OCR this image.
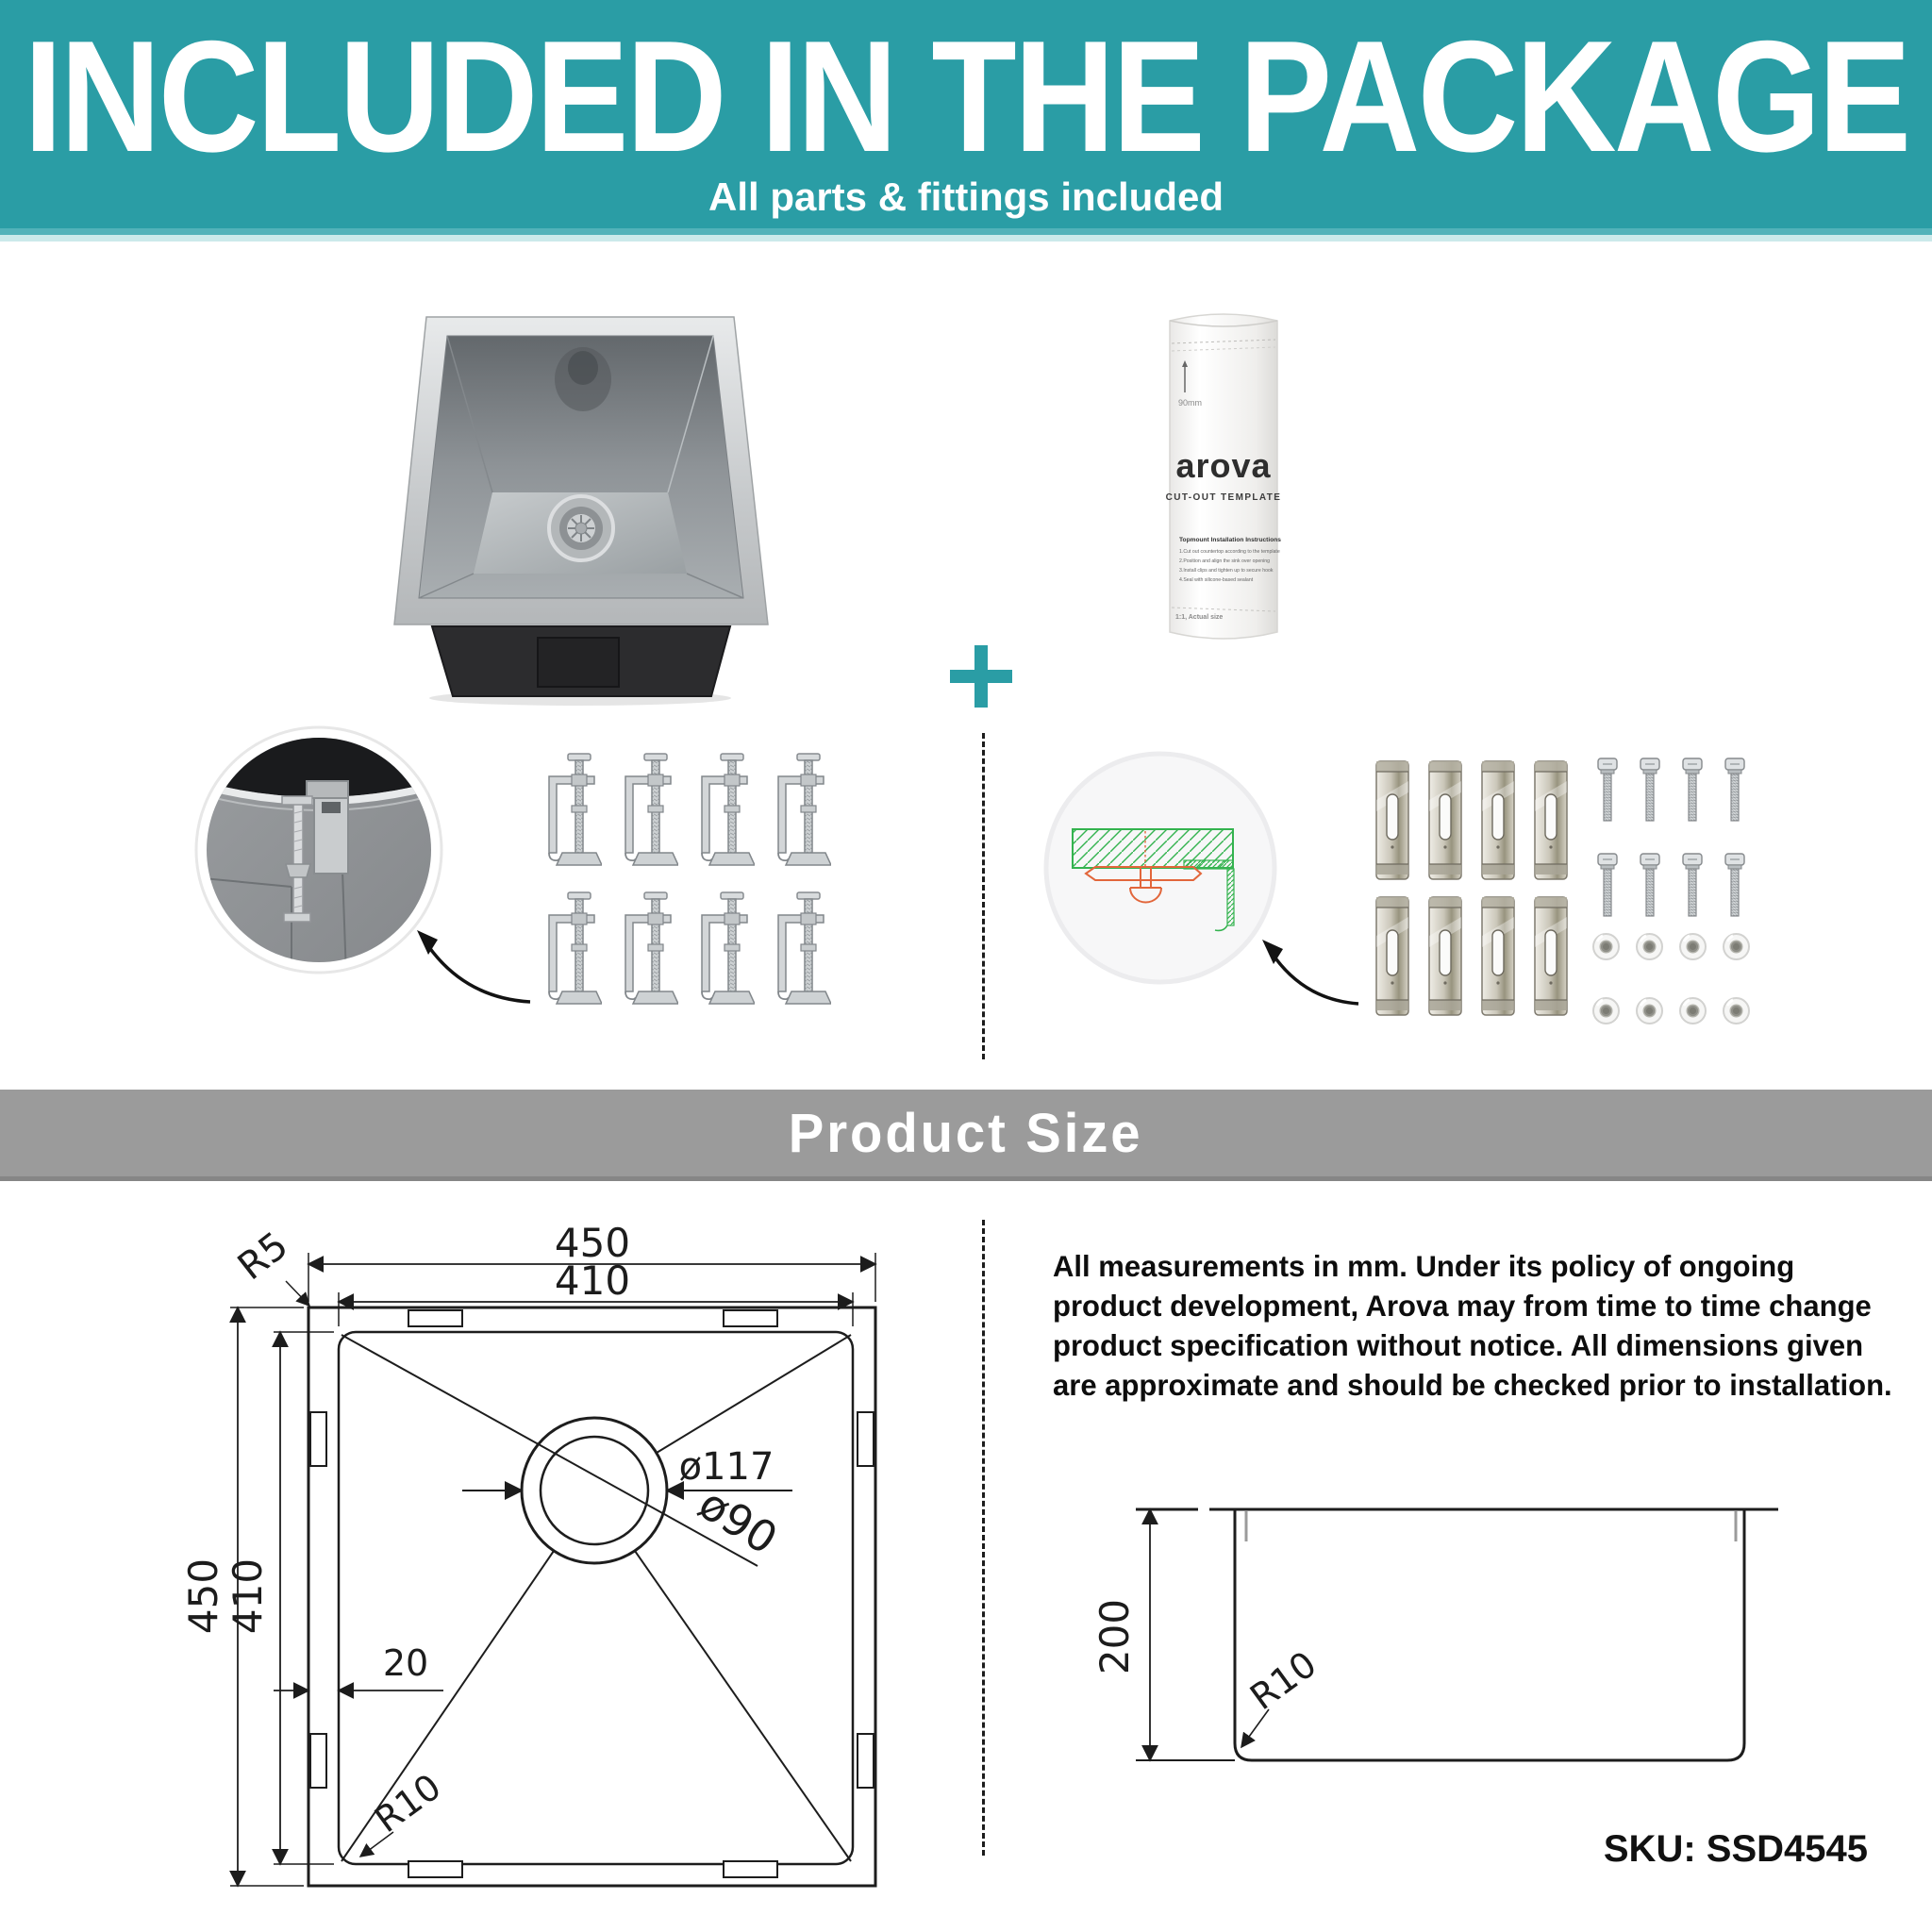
INCLUDED IN THE PACKAGE
All parts & fittings included
90mm
arova
CUT-OUT TEMPLATE
Topmount Installation Instructions
1.Cut out countertop according to the template
2.Position and align the sink over opening
3.Install clips and tighten up to secure hook
4.Seal with silicone-based sealant
1:1, Actual size
Product Size
450
410
450
410
R5
20
ø117
ø90
R10
All measurements in mm. Under its policy of ongoing product development, Arova may from time to time change product specification without notice. All dimensions given are approximate and should be checked prior to installation.
200
R10
SKU: SSD4545
